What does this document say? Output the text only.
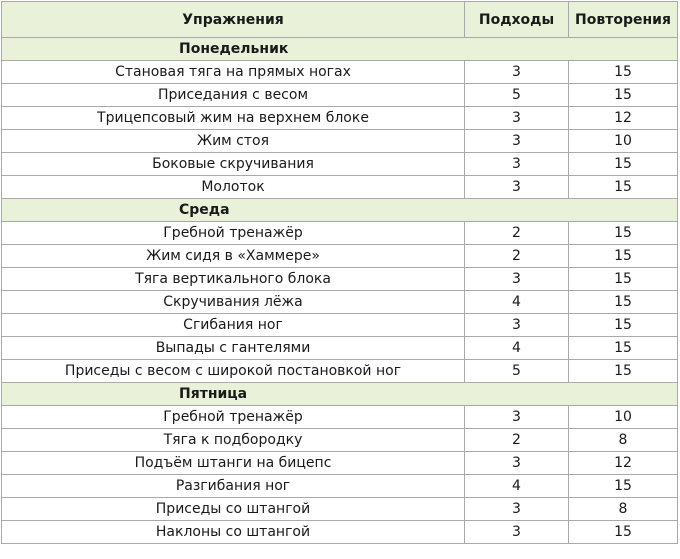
Упражнения	Подходы	Повторения
Понедельник		
Становая тяга на прямых ногах	3	15
Приседания с весом	5	15
Трицепсовый жим на верхнем блоке	3	12
Жим стоя	3	10
Боковые скручивания	3	15
Молоток	3	15
Среда		
Гребной тренажёр	2	15
Жим сидя в «Хаммере»	2	15
Тяга вертикального блока	3	15
Скручивания лёжа	4	15
Сгибания ног	3	15
Выпады с гантелями	4	15
Приседы с весом с широкой постановкой ног	5	15
Пятница		
Гребной тренажёр	3	10
Тяга к подбородку	2	8
Подъём штанги на бицепс	3	12
Разгибания ног	4	15
Приседы со штангой	3	8
Наклоны со штангой	3	15
